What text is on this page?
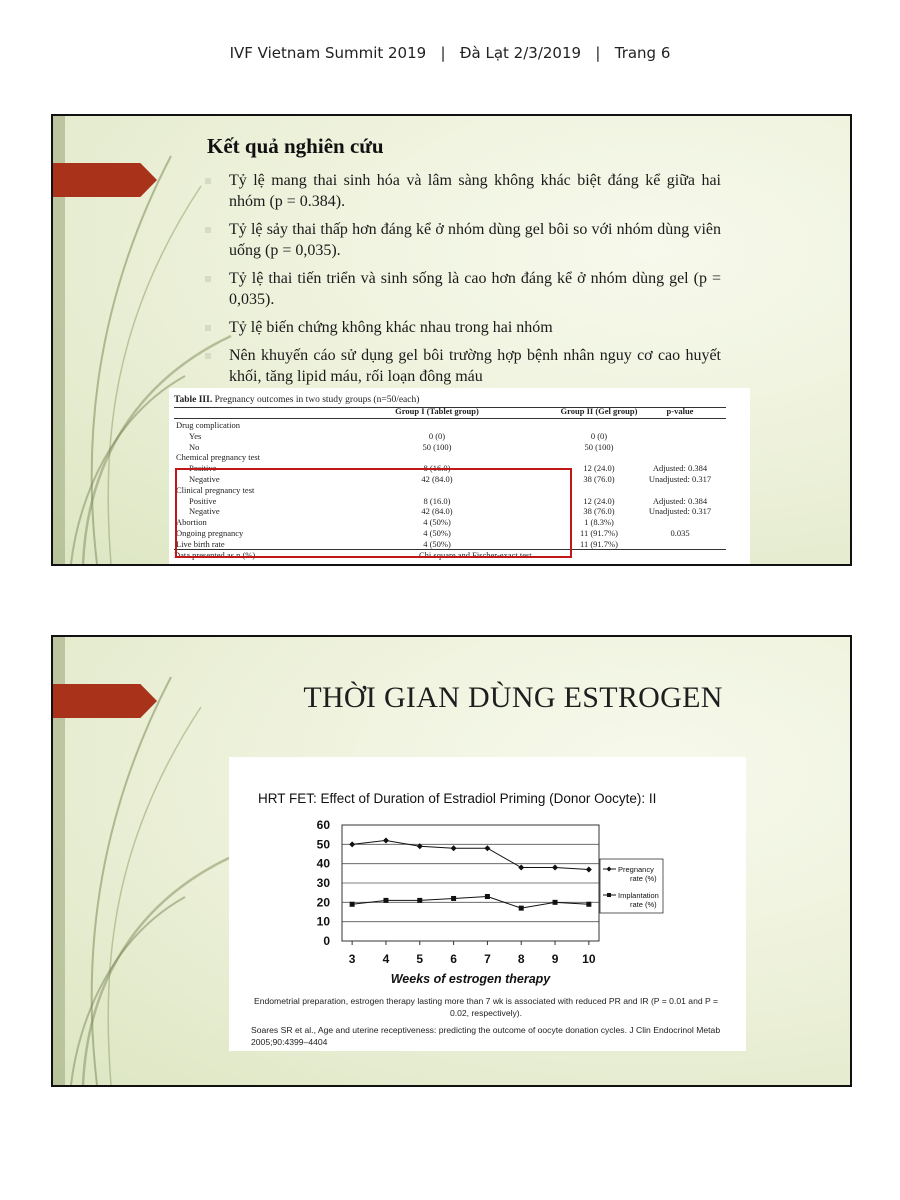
IVF Vietnam Summit 2019 | Đà Lạt 2/3/2019 | Trang 6
Kết quả nghiên cứu
Tỷ lệ mang thai sinh hóa và lâm sàng không khác biệt đáng kể giữa hai nhóm (p = 0.384).
Tỷ lệ sảy thai thấp hơn đáng kể ở nhóm dùng gel bôi so với nhóm dùng viên uống (p = 0,035).
Tỷ lệ thai tiến triển và sinh sống là cao hơn đáng kể ở nhóm dùng gel (p = 0,035).
Tỷ lệ biến chứng không khác nhau trong hai nhóm
Nên khuyến cáo sử dụng gel bôi trường hợp bệnh nhân nguy cơ cao huyết khối, tăng lipid máu, rối loạn đông máu
Table III. Pregnancy outcomes in two study groups (n=50/each)
Group I (Tablet group)	Group II (Gel group)	p-value
Drug complication
Yes	0 (0)	0 (0)
No	50 (100)	50 (100)
Chemical pregnancy test
Positive	8 (16.0)	12 (24.0)	Adjusted: 0.384
Negative	42 (84.0)	38 (76.0)	Unadjusted: 0.317
Clinical pregnancy test
Positive	8 (16.0)	12 (24.0)	Adjusted: 0.384
Negative	42 (84.0)	38 (76.0)	Unadjusted: 0.317
Abortion	4 (50%)	1 (8.3%)
Ongoing pregnancy	4 (50%)	11 (91.7%)	0.035
Live birth rate	4 (50%)	11 (91.7%)
Data presented as n (%).	Chi square and Fischer-exact test
THỜI GIAN DÙNG ESTROGEN
HRT FET: Effect of Duration of Estradiol Priming (Donor Oocyte): II
0
10
20
30
40
50
60
3 4 5 6 7 8 9 10
Weeks of estrogen therapy
Pregnancy
rate (%)
Implantation
rate (%)
Endometrial preparation, estrogen therapy lasting more than 7 wk is associated with reduced PR and IR (P = 0.01 and P = 0.02, respectively).
Soares SR et al., Age and uterine receptiveness: predicting the outcome of oocyte donation cycles. J Clin Endocrinol Metab 2005;90:4399–4404
